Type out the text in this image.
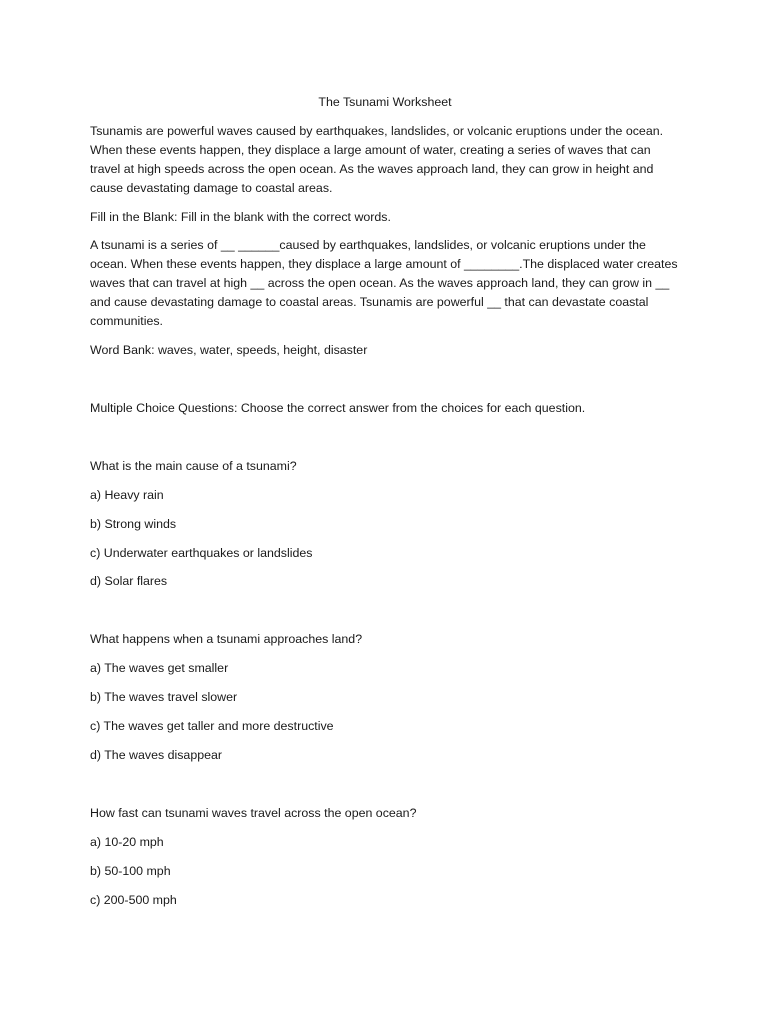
The Tsunami Worksheet

Tsunamis are powerful waves caused by earthquakes, landslides, or volcanic eruptions under the ocean. When these events happen, they displace a large amount of water, creating a series of waves that can travel at high speeds across the open ocean. As the waves approach land, they can grow in height and cause devastating damage to coastal areas.

Fill in the Blank: Fill in the blank with the correct words.

A tsunami is a series of __ ______caused by earthquakes, landslides, or volcanic eruptions under the ocean. When these events happen, they displace a large amount of ________.The displaced water creates waves that can travel at high __ across the open ocean. As the waves approach land, they can grow in __ and cause devastating damage to coastal areas. Tsunamis are powerful __ that can devastate coastal communities.

Word Bank: waves, water, speeds, height, disaster

Multiple Choice Questions: Choose the correct answer from the choices for each question.

What is the main cause of a tsunami?

a) Heavy rain

b) Strong winds

c) Underwater earthquakes or landslides

d) Solar flares

What happens when a tsunami approaches land?

a) The waves get smaller

b) The waves travel slower

c) The waves get taller and more destructive

d) The waves disappear

How fast can tsunami waves travel across the open ocean?

a) 10-20 mph

b) 50-100 mph

c) 200-500 mph
